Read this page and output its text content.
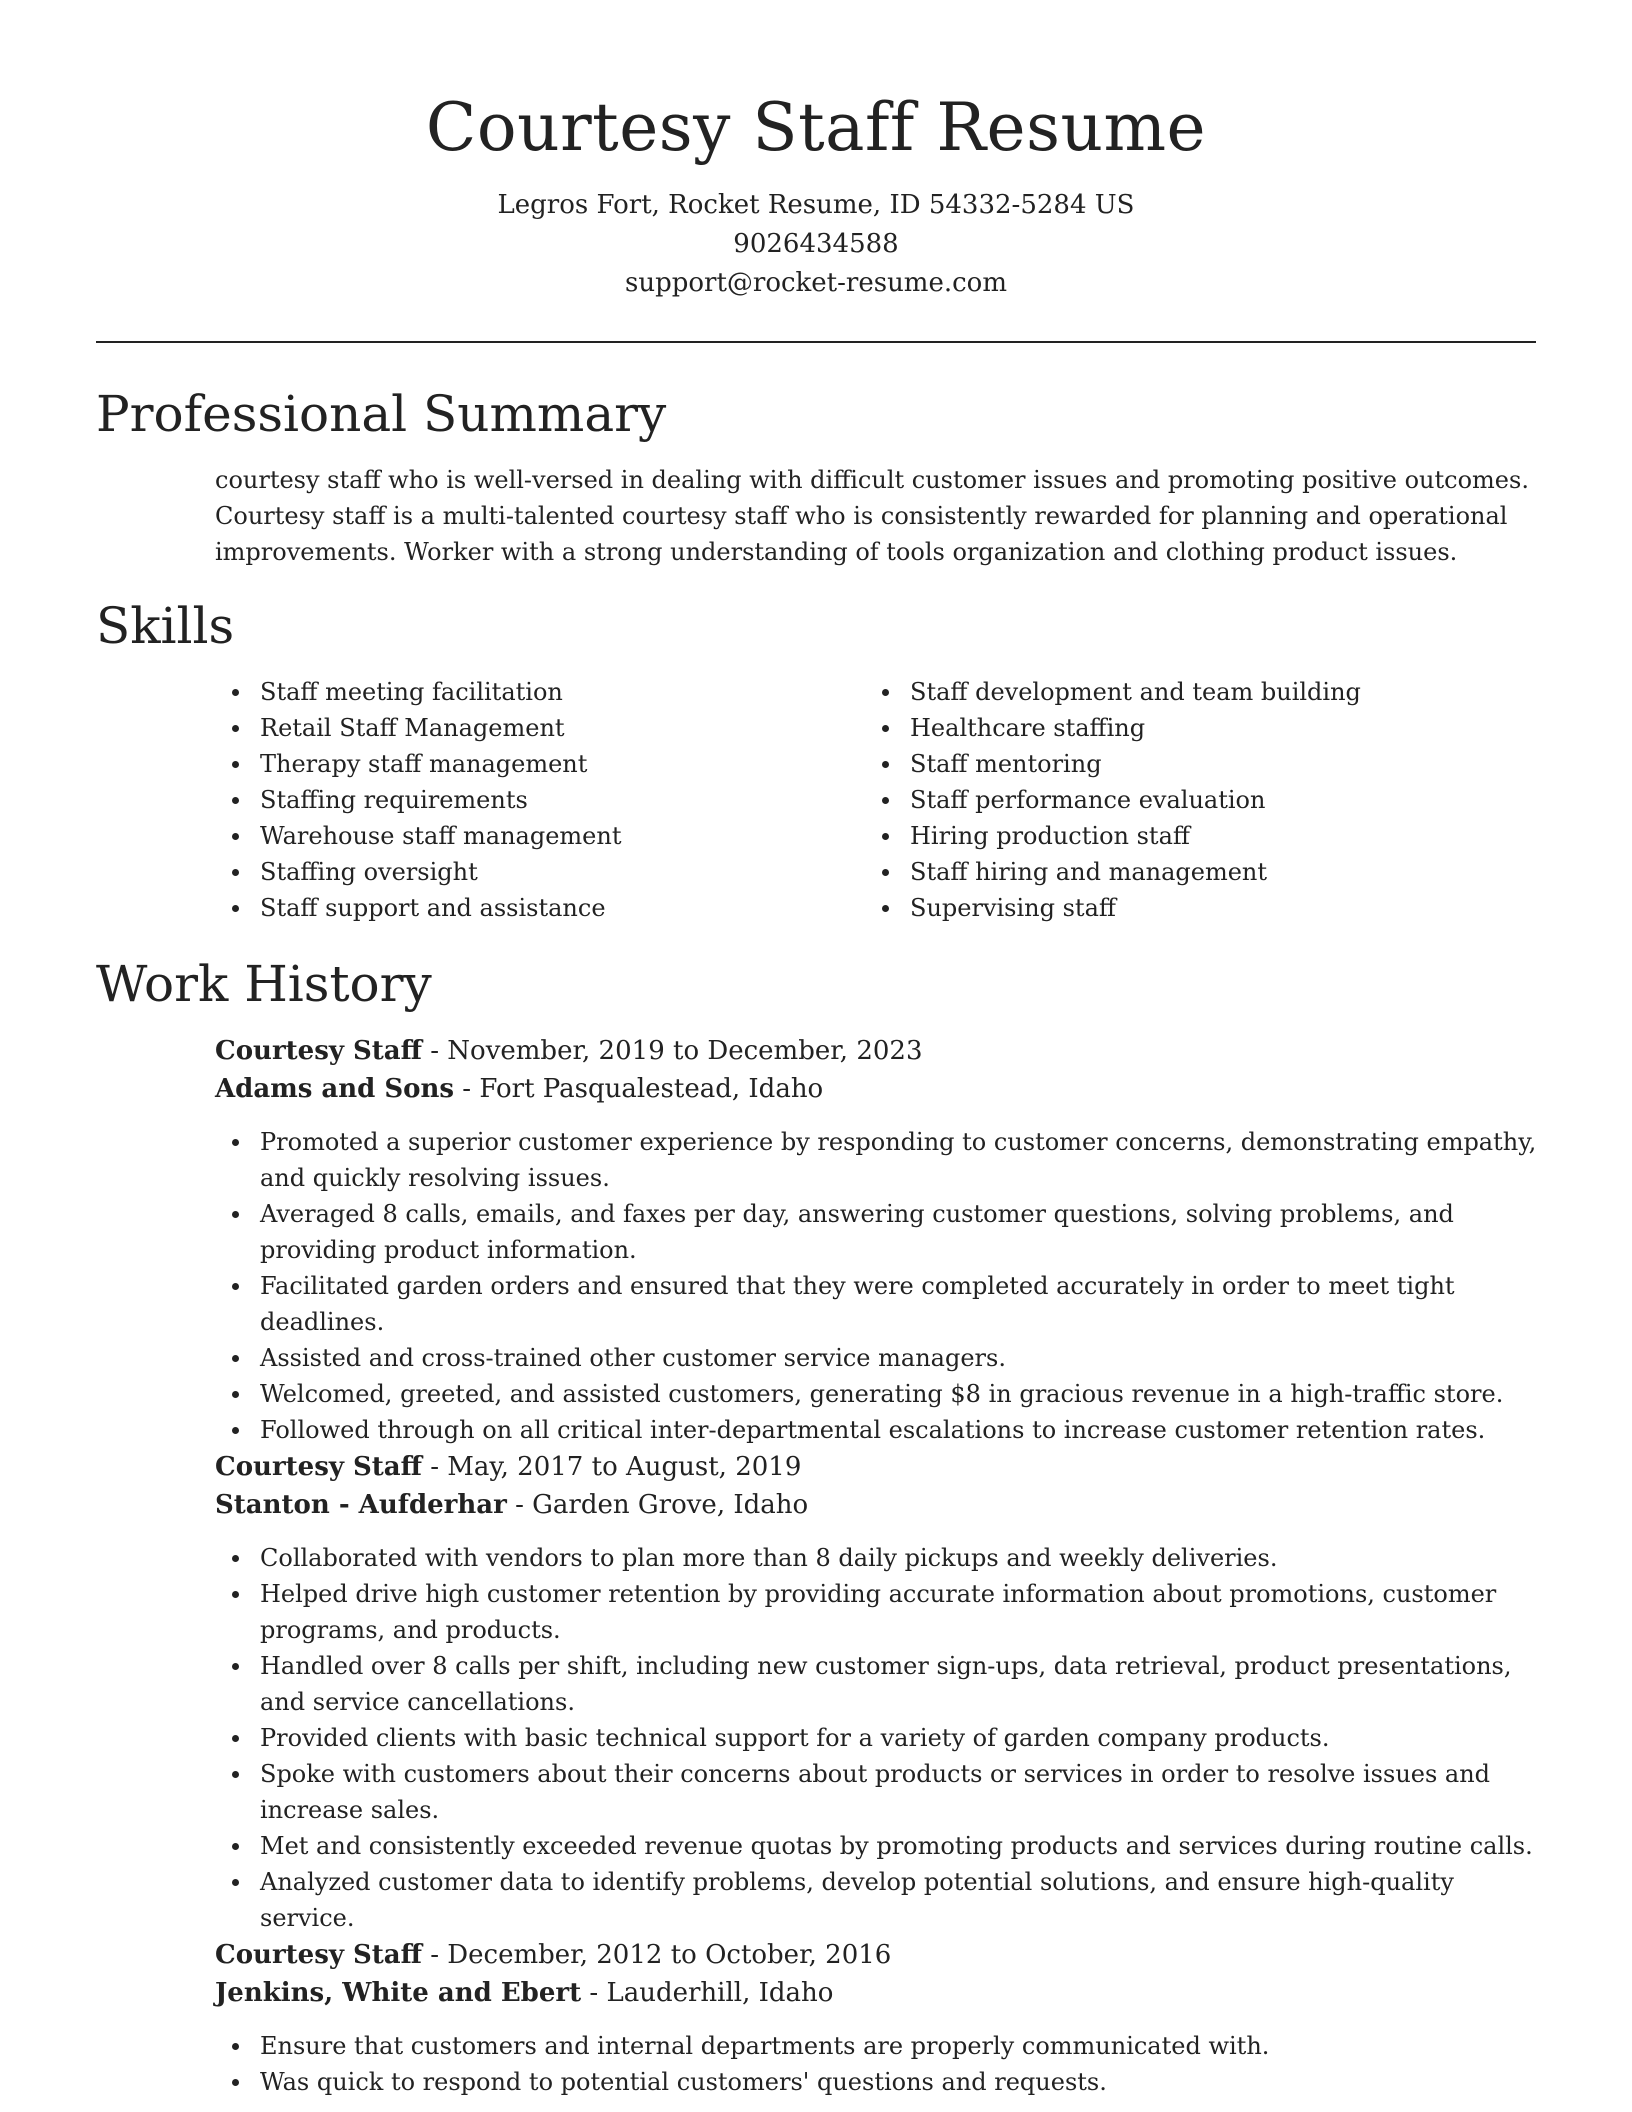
Courtesy Staff Resume
Legros Fort, Rocket Resume, ID 54332-5284 US
9026434588
support@rocket-resume.com
Professional Summary

courtesy staff who is well-versed in dealing with difficult customer issues and promoting positive outcomes. Courtesy staff is a multi-talented courtesy staff who is consistently rewarded for planning and operational improvements. Worker with a strong understanding of tools organization and clothing product issues.

Skills
Staff meeting facilitation
Retail Staff Management
Therapy staff management
Staffing requirements
Warehouse staff management
Staffing oversight
Staff support and assistance
Staff development and team building
Healthcare staffing
Staff mentoring
Staff performance evaluation
Hiring production staff
Staff hiring and management
Supervising staff
Work History
Courtesy Staff - November, 2019 to December, 2023
Adams and Sons - Fort Pasqualestead, Idaho
Promoted a superior customer experience by responding to customer concerns, demonstrating empathy, and quickly resolving issues.
Averaged 8 calls, emails, and faxes per day, answering customer questions, solving problems, and providing product information.
Facilitated garden orders and ensured that they were completed accurately in order to meet tight deadlines.
Assisted and cross-trained other customer service managers.
Welcomed, greeted, and assisted customers, generating $8 in gracious revenue in a high-traffic store.
Followed through on all critical inter-departmental escalations to increase customer retention rates.
Courtesy Staff - May, 2017 to August, 2019
Stanton - Aufderhar - Garden Grove, Idaho
Collaborated with vendors to plan more than 8 daily pickups and weekly deliveries.
Helped drive high customer retention by providing accurate information about promotions, customer programs, and products.
Handled over 8 calls per shift, including new customer sign-ups, data retrieval, product presentations, and service cancellations.
Provided clients with basic technical support for a variety of garden company products.
Spoke with customers about their concerns about products or services in order to resolve issues and increase sales.
Met and consistently exceeded revenue quotas by promoting products and services during routine calls.
Analyzed customer data to identify problems, develop potential solutions, and ensure high-quality service.
Courtesy Staff - December, 2012 to October, 2016
Jenkins, White and Ebert - Lauderhill, Idaho
Ensure that customers and internal departments are properly communicated with.
Was quick to respond to potential customers' questions and requests.
